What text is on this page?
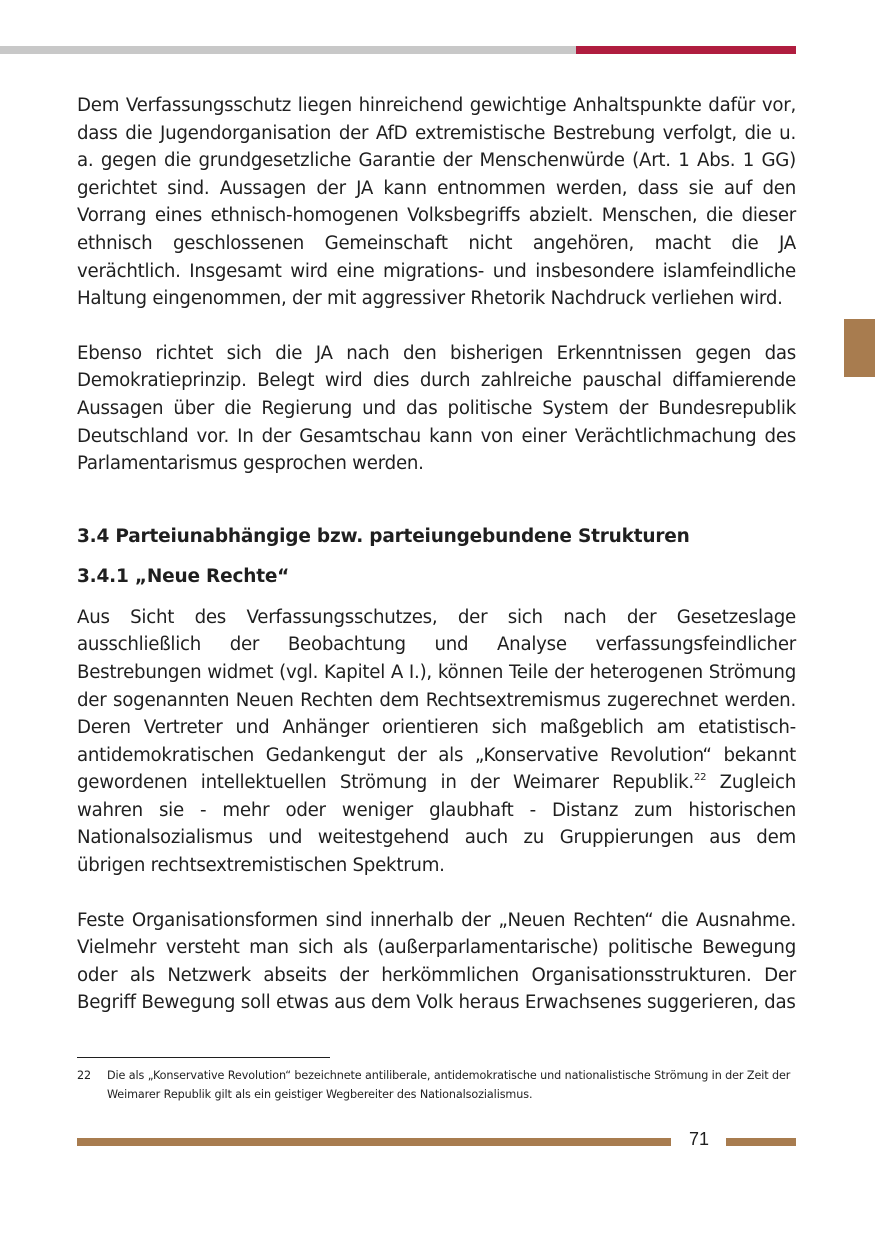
Dem Verfassungsschutz liegen hinreichend gewichtige Anhaltspunkte dafür vor, dass die Jugendorganisation der AfD extremistische Bestrebung verfolgt, die u. a. gegen die grundgesetzliche Garantie der Menschenwürde (Art. 1 Abs. 1 GG) gerichtet sind. Aussagen der JA kann entnommen werden, dass sie auf den Vorrang eines ethnisch-homogenen Volksbegriffs abzielt. Menschen, die dieser ethnisch geschlossenen Gemeinschaft nicht angehören, macht die JA verächtlich. Insgesamt wird eine migrations- und insbesondere islamfeindliche Haltung eingenommen, der mit aggressiver Rhetorik Nachdruck verliehen wird.

Ebenso richtet sich die JA nach den bisherigen Erkenntnissen gegen das Demokratieprinzip. Belegt wird dies durch zahlreiche pauschal diffamierende Aussagen über die Regierung und das politische System der Bundesrepublik Deutschland vor. In der Gesamtschau kann von einer Verächtlichmachung des Parlamentarismus gesprochen werden.

3.4 Parteiunabhängige bzw. parteiungebundene Strukturen
3.4.1 „Neue Rechte“

Aus Sicht des Verfassungsschutzes, der sich nach der Gesetzeslage ausschließlich der Beobachtung und Analyse verfassungsfeindlicher Bestrebungen widmet (vgl. Kapitel A I.), können Teile der heterogenen Strömung der sogenannten Neuen Rechten dem Rechtsextremismus zugerechnet werden. Deren Vertreter und Anhänger orientieren sich maßgeblich am etatistisch-antidemokratischen Gedankengut der als „Konservative Revolution“ bekannt gewordenen intellektuellen Strömung in der Weimarer Republik.$^{22}$ Zugleich wahren sie - mehr oder weniger glaubhaft - Distanz zum historischen Nationalsozialismus und weitestgehend auch zu Gruppierungen aus dem übrigen rechtsextremistischen Spektrum.

Feste Organisationsformen sind innerhalb der „Neuen Rechten“ die Ausnahme. Vielmehr versteht man sich als (außerparlamentarische) politische Bewegung oder als Netzwerk abseits der herkömmlichen Organisationsstrukturen. Der Begriff Bewegung soll etwas aus dem Volk heraus Erwachsenes suggerieren, das

22 Die als „Konservative Revolution“ bezeichnete antiliberale, antidemokratische und nationalistische Strömung in der Zeit der Weimarer Republik gilt als ein geistiger Wegbereiter des Nationalsozialismus.
71
